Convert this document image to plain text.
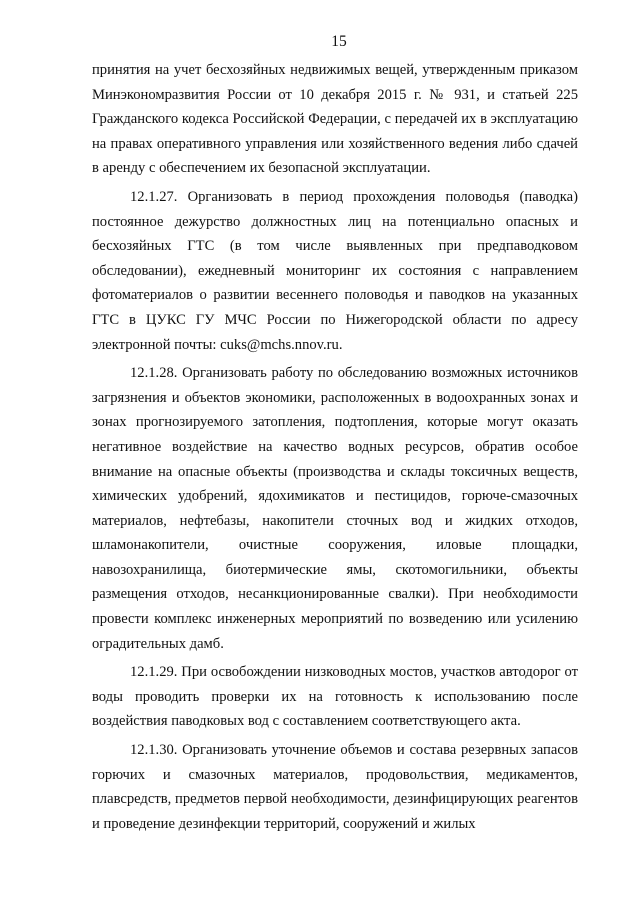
15

принятия на учет бесхозяйных недвижимых вещей, утвержденным приказом Минэкономразвития России от 10 декабря 2015 г. № 931, и статьей 225 Гражданского кодекса Российской Федерации, с передачей их в эксплуатацию на правах оперативного управления или хозяйственного ведения либо сдачей в аренду с обеспечением их безопасной эксплуатации.

12.1.27. Организовать в период прохождения половодья (паводка) постоянное дежурство должностных лиц на потенциально опасных и бесхозяйных ГТС (в том числе выявленных при предпаводковом обследовании), ежедневный мониторинг их состояния с направлением фотоматериалов о развитии весеннего половодья и паводков на указанных ГТС в ЦУКС ГУ МЧС России по Нижегородской области по адресу электронной почты: cuks@mchs.nnov.ru.

12.1.28. Организовать работу по обследованию возможных источников загрязнения и объектов экономики, расположенных в водоохранных зонах и зонах прогнозируемого затопления, подтопления, которые могут оказать негативное воздействие на качество водных ресурсов, обратив особое внимание на опасные объекты (производства и склады токсичных веществ, химических удобрений, ядохимикатов и пестицидов, горюче-смазочных материалов, нефтебазы, накопители сточных вод и жидких отходов, шламонакопители, очистные сооружения, иловые площадки, навозохранилища, биотермические ямы, скотомогильники, объекты размещения отходов, несанкционированные свалки). При необходимости провести комплекс инженерных мероприятий по возведению или усилению оградительных дамб.

12.1.29. При освобождении низководных мостов, участков автодорог от воды проводить проверки их на готовность к использованию после воздействия паводковых вод с составлением соответствующего акта.

12.1.30. Организовать уточнение объемов и состава резервных запасов горючих и смазочных материалов, продовольствия, медикаментов, плавсредств, предметов первой необходимости, дезинфицирующих реагентов и проведение дезинфекции территорий, сооружений и жилых
